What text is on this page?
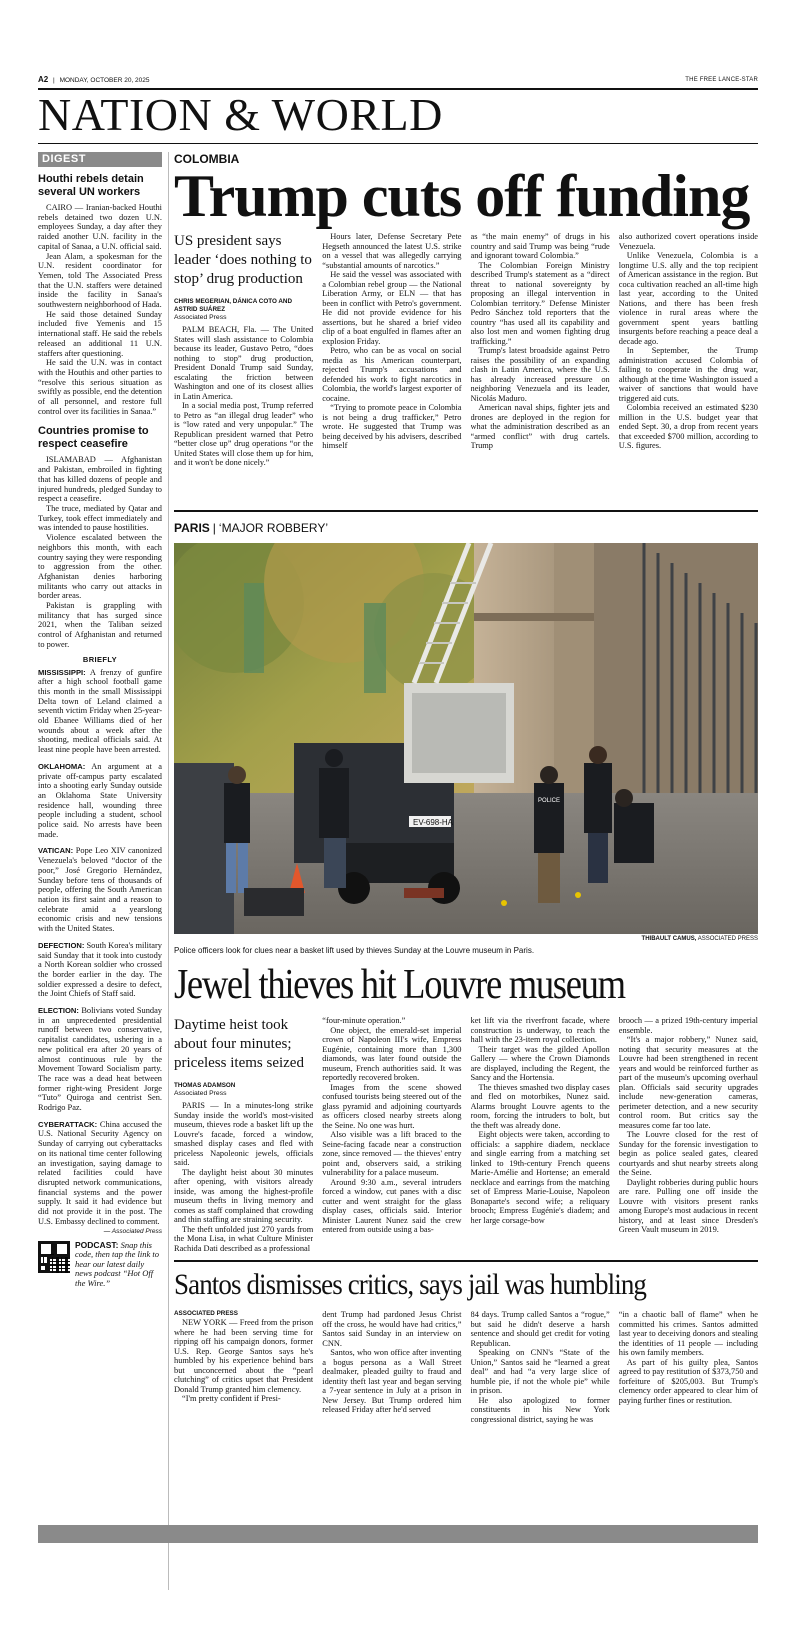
A2 | MONDAY, OCTOBER 20, 2025	THE FREE LANCE-STAR
NATION & WORLD
DIGEST
Houthi rebels detain several UN workers

CAIRO — Iranian-backed Houthi rebels detained two dozen U.N. employees Sunday, a day after they raided another U.N. facility in the capital of Sanaa, a U.N. official said.

Jean Alam, a spokesman for the U.N. resident coordinator for Yemen, told The Associated Press that the U.N. staffers were detained inside the facility in Sanaa's southwestern neighborhood of Hada.

He said those detained Sunday included five Yemenis and 15 international staff. He said the rebels released an additional 11 U.N. staffers after questioning.

He said the U.N. was in contact with the Houthis and other parties to “resolve this serious situation as swiftly as possible, end the detention of all personnel, and restore full control over its facilities in Sanaa.”

Countries promise to respect ceasefire

ISLAMABAD — Afghanistan and Pakistan, embroiled in fighting that has killed dozens of people and injured hundreds, pledged Sunday to respect a ceasefire.

The truce, mediated by Qatar and Turkey, took effect immediately and was intended to pause hostilities.

Violence escalated between the neighbors this month, with each country saying they were responding to aggression from the other. Afghanistan denies harboring militants who carry out attacks in border areas.

Pakistan is grappling with militancy that has surged since 2021, when the Taliban seized control of Afghanistan and returned to power.

BRIEFLY

MISSISSIPPI: A frenzy of gunfire after a high school football game this month in the small Mississippi Delta town of Leland claimed a seventh victim Friday when 25-year-old Ebanee Williams died of her wounds about a week after the shooting, medical officials said. At least nine people have been arrested.

OKLAHOMA: An argument at a private off-campus party escalated into a shooting early Sunday outside an Oklahoma State University residence hall, wounding three people including a student, school police said. No arrests have been made.

VATICAN: Pope Leo XIV canonized Venezuela's beloved “doctor of the poor,” José Gregorio Hernández, Sunday before tens of thousands of people, offering the South American nation its first saint and a reason to celebrate amid a yearslong economic crisis and new tensions with the United States.

DEFECTION: South Korea's military said Sunday that it took into custody a North Korean soldier who crossed the border earlier in the day. The soldier expressed a desire to defect, the Joint Chiefs of Staff said.

ELECTION: Bolivians voted Sunday in an unprecedented presidential runoff between two conservative, capitalist candidates, ushering in a new political era after 20 years of almost continuous rule by the Movement Toward Socialism party. The race was a dead heat between former right-wing President Jorge “Tuto” Quiroga and centrist Sen. Rodrigo Paz.

CYBERATTACK: China accused the U.S. National Security Agency on Sunday of carrying out cyberattacks on its national time center following an investigation, saying damage to related facilities could have disrupted network communications, financial systems and the power supply. It said it had evidence but did not provide it in the post. The U.S. Embassy declined to comment.

— Associated Press
PODCAST: Snap this code, then tap the link to hear our latest daily news podcast “Hot Off the Wire.”
COLOMBIA
Trump cuts off funding
US president says leader ‘does nothing to stop’ drug production
CHRIS MEGERIAN, DÁNICA COTO AND ASTRID SUÁREZ
Associated Press

PALM BEACH, Fla. — The United States will slash assistance to Colombia because its leader, Gustavo Petro, “does nothing to stop” drug production, President Donald Trump said Sunday, escalating the friction between Washington and one of its closest allies in Latin America.

In a social media post, Trump referred to Petro as “an illegal drug leader” who is “low rated and very unpopular.” The Republican president warned that Petro “better close up” drug operations “or the United States will close them up for him, and it won't be done nicely.”

Hours later, Defense Secretary Pete Hegseth announced the latest U.S. strike on a vessel that was allegedly carrying “substantial amounts of narcotics.”

He said the vessel was associated with a Colombian rebel group — the National Liberation Army, or ELN — that has been in conflict with Petro's government. He did not provide evidence for his assertions, but he shared a brief video clip of a boat engulfed in flames after an explosion Friday.

Petro, who can be as vocal on social media as his American counterpart, rejected Trump's accusations and defended his work to fight narcotics in Colombia, the world's largest exporter of cocaine.

“Trying to promote peace in Colombia is not being a drug trafficker,” Petro wrote. He suggested that Trump was being deceived by his advisers, described himself

as “the main enemy” of drugs in his country and said Trump was being “rude and ignorant toward Colombia.”

The Colombian Foreign Ministry described Trump's statement as a “direct threat to national sovereignty by proposing an illegal intervention in Colombian territory.” Defense Minister Pedro Sánchez told reporters that the country “has used all its capability and also lost men and women fighting drug trafficking.”

Trump's latest broadside against Petro raises the possibility of an expanding clash in Latin America, where the U.S. has already increased pressure on neighboring Venezuela and its leader, Nicolás Maduro.

American naval ships, fighter jets and drones are deployed in the region for what the administration described as an “armed conflict” with drug cartels. Trump

also authorized covert operations inside Venezuela.

Unlike Venezuela, Colombia is a longtime U.S. ally and the top recipient of American assistance in the region. But coca cultivation reached an all-time high last year, according to the United Nations, and there has been fresh violence in rural areas where the government spent years battling insurgents before reaching a peace deal a decade ago.

In September, the Trump administration accused Colombia of failing to cooperate in the drug war, although at the time Washington issued a waiver of sanctions that would have triggered aid cuts.

Colombia received an estimated $230 million in the U.S. budget year that ended Sept. 30, a drop from recent years that exceeded $700 million, according to U.S. figures.

PARIS | ‘MAJOR ROBBERY’
EV-698-HA
POLICE
THIBAULT CAMUS, ASSOCIATED PRESS
Police officers look for clues near a basket lift used by thieves Sunday at the Louvre museum in Paris.
Jewel thieves hit Louvre museum
Daytime heist took about four minutes; priceless items seized
THOMAS ADAMSON
Associated Press

PARIS — In a minutes-long strike Sunday inside the world's most-visited museum, thieves rode a basket lift up the Louvre's facade, forced a window, smashed display cases and fled with priceless Napoleonic jewels, officials said.

The daylight heist about 30 minutes after opening, with visitors already inside, was among the highest-profile museum thefts in living memory and comes as staff complained that crowding and thin staffing are straining security.

The theft unfolded just 270 yards from the Mona Lisa, in what Culture Minister Rachida Dati described as a professional

“four-minute operation.”

One object, the emerald-set imperial crown of Napoleon III's wife, Empress Eugénie, containing more than 1,300 diamonds, was later found outside the museum, French authorities said. It was reportedly recovered broken.

Images from the scene showed confused tourists being steered out of the glass pyramid and adjoining courtyards as officers closed nearby streets along the Seine. No one was hurt.

Also visible was a lift braced to the Seine-facing facade near a construction zone, since removed — the thieves' entry point and, observers said, a striking vulnerability for a palace museum.

Around 9:30 a.m., several intruders forced a window, cut panes with a disc cutter and went straight for the glass display cases, officials said. Interior Minister Laurent Nunez said the crew entered from outside using a bas-

ket lift via the riverfront facade, where construction is underway, to reach the hall with the 23-item royal collection.

Their target was the gilded Apollon Gallery — where the Crown Diamonds are displayed, including the Regent, the Sancy and the Hortensia.

The thieves smashed two display cases and fled on motorbikes, Nunez said. Alarms brought Louvre agents to the room, forcing the intruders to bolt, but the theft was already done.

Eight objects were taken, according to officials: a sapphire diadem, necklace and single earring from a matching set linked to 19th-century French queens Marie-Amélie and Hortense; an emerald necklace and earrings from the matching set of Empress Marie-Louise, Napoleon Bonaparte's second wife; a reliquary brooch; Empress Eugénie's diadem; and her large corsage-bow

brooch — a prized 19th-century imperial ensemble.

“It's a major robbery,” Nunez said, noting that security measures at the Louvre had been strengthened in recent years and would be reinforced further as part of the museum's upcoming overhaul plan. Officials said security upgrades include new-generation cameras, perimeter detection, and a new security control room. But critics say the measures come far too late.

The Louvre closed for the rest of Sunday for the forensic investigation to begin as police sealed gates, cleared courtyards and shut nearby streets along the Seine.

Daylight robberies during public hours are rare. Pulling one off inside the Louvre with visitors present ranks among Europe's most audacious in recent history, and at least since Dresden's Green Vault museum in 2019.

Santos dismisses critics, says jail was humbling
ASSOCIATED PRESS

NEW YORK — Freed from the prison where he had been serving time for ripping off his campaign donors, former U.S. Rep. George Santos says he's humbled by his experience behind bars but unconcerned about the “pearl clutching” of critics upset that President Donald Trump granted him clemency.

“I'm pretty confident if Presi-

dent Trump had pardoned Jesus Christ off the cross, he would have had critics,” Santos said Sunday in an interview on CNN.

Santos, who won office after inventing a bogus persona as a Wall Street dealmaker, pleaded guilty to fraud and identity theft last year and began serving a 7-year sentence in July at a prison in New Jersey. But Trump ordered him released Friday after he'd served

84 days. Trump called Santos a “rogue,” but said he didn't deserve a harsh sentence and should get credit for voting Republican.

Speaking on CNN's “State of the Union,” Santos said he “learned a great deal” and had “a very large slice of humble pie, if not the whole pie” while in prison.

He also apologized to former constituents in his New York congressional district, saying he was

“in a chaotic ball of flame” when he committed his crimes. Santos admitted last year to deceiving donors and stealing the identities of 11 people — including his own family members.

As part of his guilty plea, Santos agreed to pay restitution of $373,750 and forfeiture of $205,003. But Trump's clemency order appeared to clear him of paying further fines or restitution.
